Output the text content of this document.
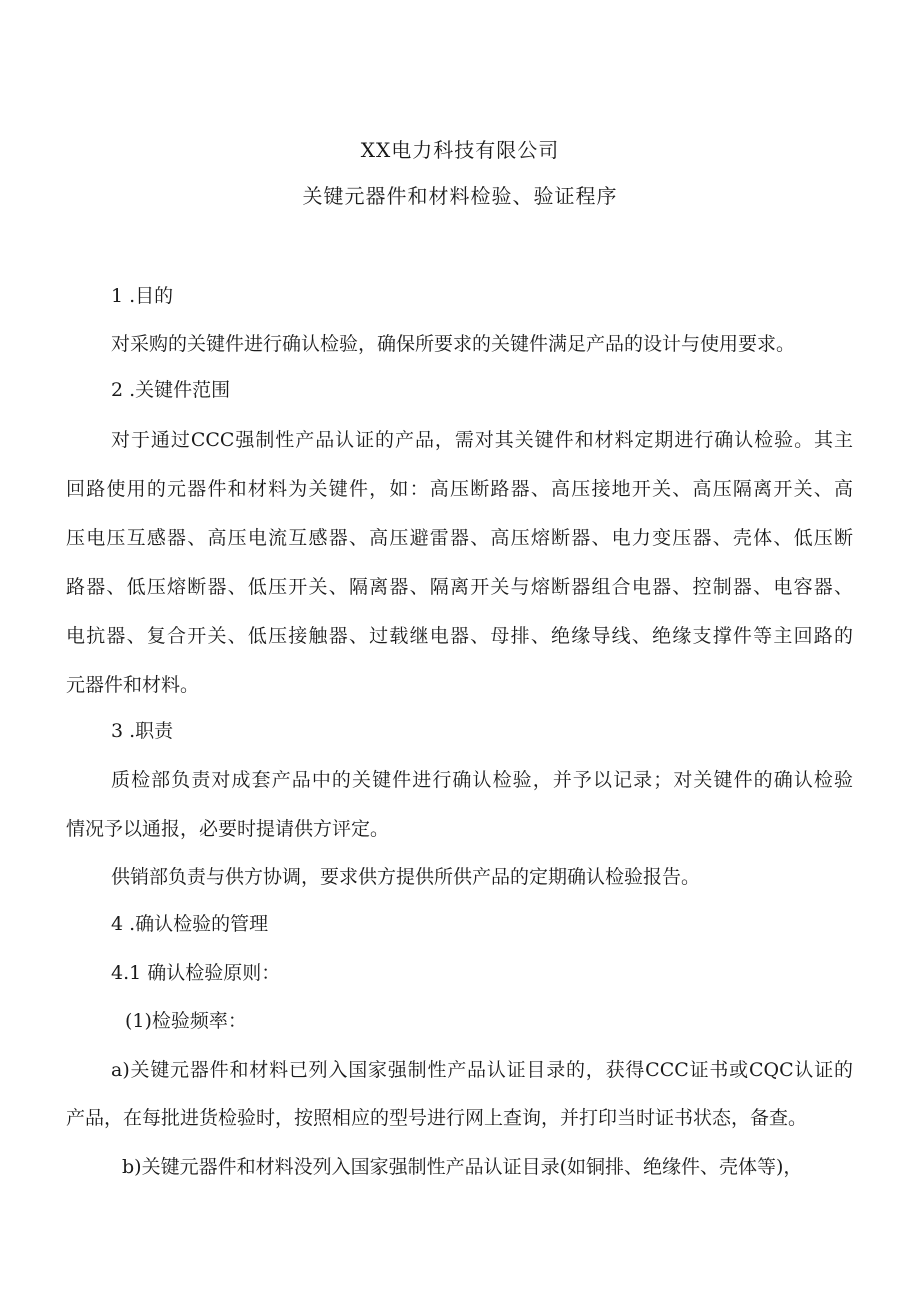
XX电力科技有限公司
关键元器件和材料检验、验证程序
1 .目的
对采购的关键件进行确认检验，确保所要求的关键件满足产品的设计与使用要求。
2 .关键件范围
对于通过CCC强制性产品认证的产品，需对其关键件和材料定期进行确认检验。其主
回路使用的元器件和材料为关键件，如：高压断路器、高压接地开关、高压隔离开关、高
压电压互感器、高压电流互感器、高压避雷器、高压熔断器、电力变压器、壳体、低压断
路器、低压熔断器、低压开关、隔离器、隔离开关与熔断器组合电器、控制器、电容器、
电抗器、复合开关、低压接触器、过载继电器、母排、绝缘导线、绝缘支撑件等主回路的
元器件和材料。
3 .职责
质检部负责对成套产品中的关键件进行确认检验，并予以记录；对关键件的确认检验
情况予以通报，必要时提请供方评定。
供销部负责与供方协调，要求供方提供所供产品的定期确认检验报告。
4 .确认检验的管理
4.1 确认检验原则：
(1)检验频率：
a)关键元器件和材料已列入国家强制性产品认证目录的，获得CCC证书或CQC认证的
产品，在每批进货检验时，按照相应的型号进行网上查询，并打印当时证书状态，备查。
b)关键元器件和材料没列入国家强制性产品认证目录(如铜排、绝缘件、壳体等)，
